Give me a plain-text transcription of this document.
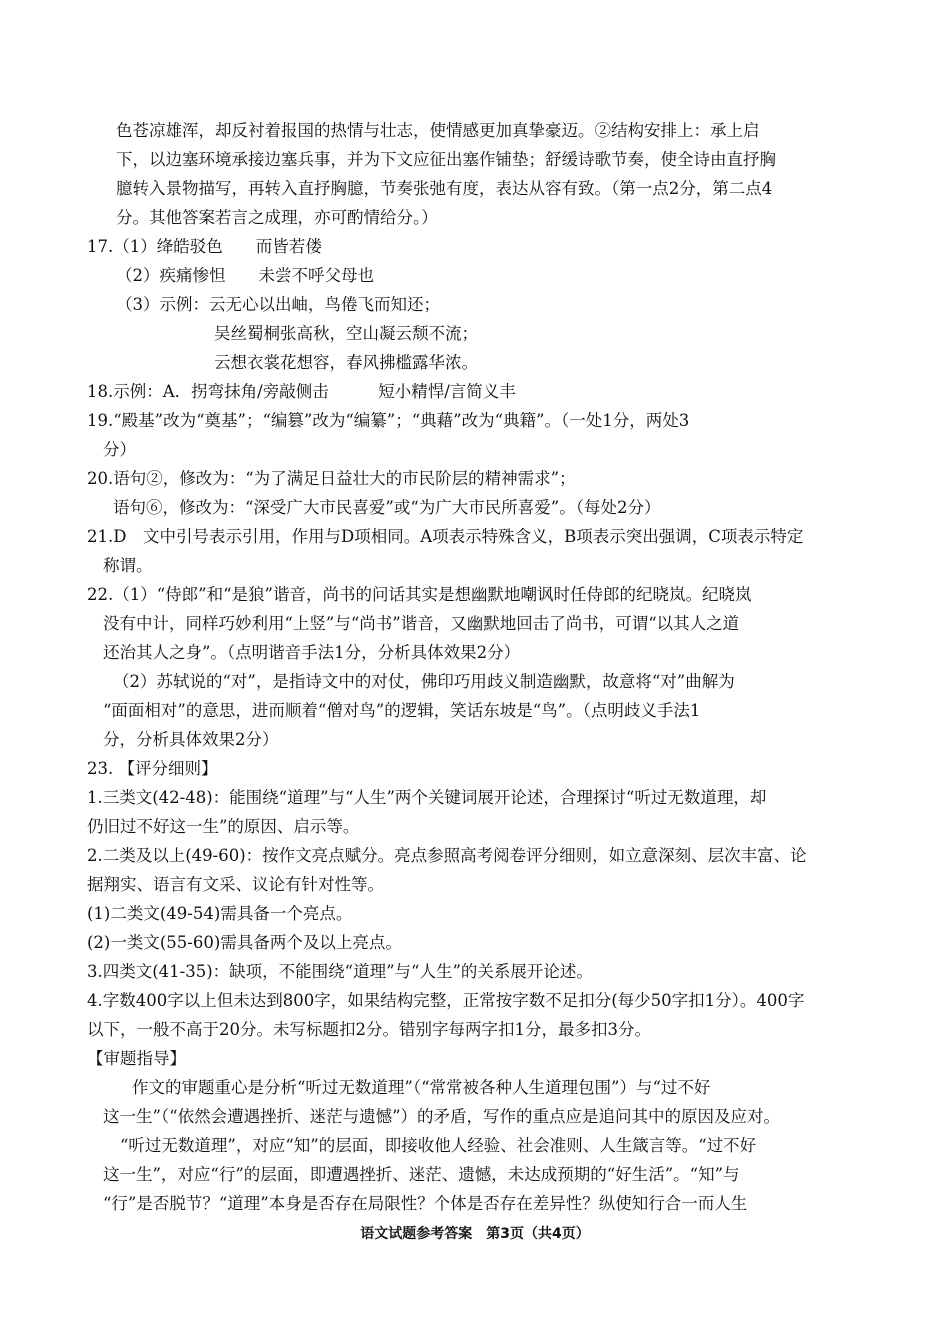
色苍凉雄浑，却反衬着报国的热情与壮志，使情感更加真挚豪迈。②结构安排上：承上启
下，以边塞环境承接边塞兵事，并为下文应征出塞作铺垫；舒缓诗歌节奏，使全诗由直抒胸
臆转入景物描写，再转入直抒胸臆，节奏张弛有度，表达从容有致。（第一点2分，第二点4
分。其他答案若言之成理，亦可酌情给分。）
17.（1）绛皓驳色　　而皆若偻
（2）疾痛惨怛　　未尝不呼父母也
（3）示例：云无心以出岫，鸟倦飞而知还；
吴丝蜀桐张高秋，空山凝云颓不流；
云想衣裳花想容，春风拂槛露华浓。
18.示例：A．拐弯抹角/旁敲侧击　　　短小精悍/言简义丰
19.“殿基”改为“奠基”；“编篡”改为“编纂”；“典藉”改为“典籍”。（一处1分，两处3
分）
20.语句②，修改为：“为了满足日益壮大的市民阶层的精神需求”；
语句⑥，修改为：“深受广大市民喜爱”或“为广大市民所喜爱”。（每处2分）
21.D　文中引号表示引用，作用与D项相同。A项表示特殊含义，B项表示突出强调，C项表示特定
称谓。
22.（1）“侍郎”和“是狼”谐音，尚书的问话其实是想幽默地嘲讽时任侍郎的纪晓岚。纪晓岚
没有中计，同样巧妙利用“上竖”与“尚书”谐音，又幽默地回击了尚书，可谓“以其人之道
还治其人之身”。（点明谐音手法1分，分析具体效果2分）
（2）苏轼说的“对”，是指诗文中的对仗，佛印巧用歧义制造幽默，故意将“对”曲解为
“面面相对”的意思，进而顺着“僧对鸟”的逻辑，笑话东坡是“鸟”。（点明歧义手法1
分，分析具体效果2分）
23. 【评分细则】
1.三类文(42-48)：能围绕“道理”与“人生”两个关键词展开论述，合理探讨“听过无数道理，却
仍旧过不好这一生”的原因、启示等。
2.二类及以上(49-60)：按作文亮点赋分。亮点参照高考阅卷评分细则，如立意深刻、层次丰富、论
据翔实、语言有文采、议论有针对性等。
(1)二类文(49-54)需具备一个亮点。
(2)一类文(55-60)需具备两个及以上亮点。
3.四类文(41-35)：缺项，不能围绕“道理”与“人生”的关系展开论述。
4.字数400字以上但未达到800字，如果结构完整，正常按字数不足扣分(每少50字扣1分）。400字
以下，一般不高于20分。未写标题扣2分。错别字每两字扣1分，最多扣3分。
【审题指导】
作文的审题重心是分析“听过无数道理”（“常常被各种人生道理包围”）与“过不好
这一生”（“依然会遭遇挫折、迷茫与遗憾”）的矛盾，写作的重点应是追问其中的原因及应对。
“听过无数道理”，对应“知”的层面，即接收他人经验、社会准则、人生箴言等。“过不好
这一生”，对应“行”的层面，即遭遇挫折、迷茫、遗憾，未达成预期的“好生活”。“知”与
“行”是否脱节？“道理”本身是否存在局限性？个体是否存在差异性？纵使知行合一而人生
语文试题参考答案　第3页（共4页）
